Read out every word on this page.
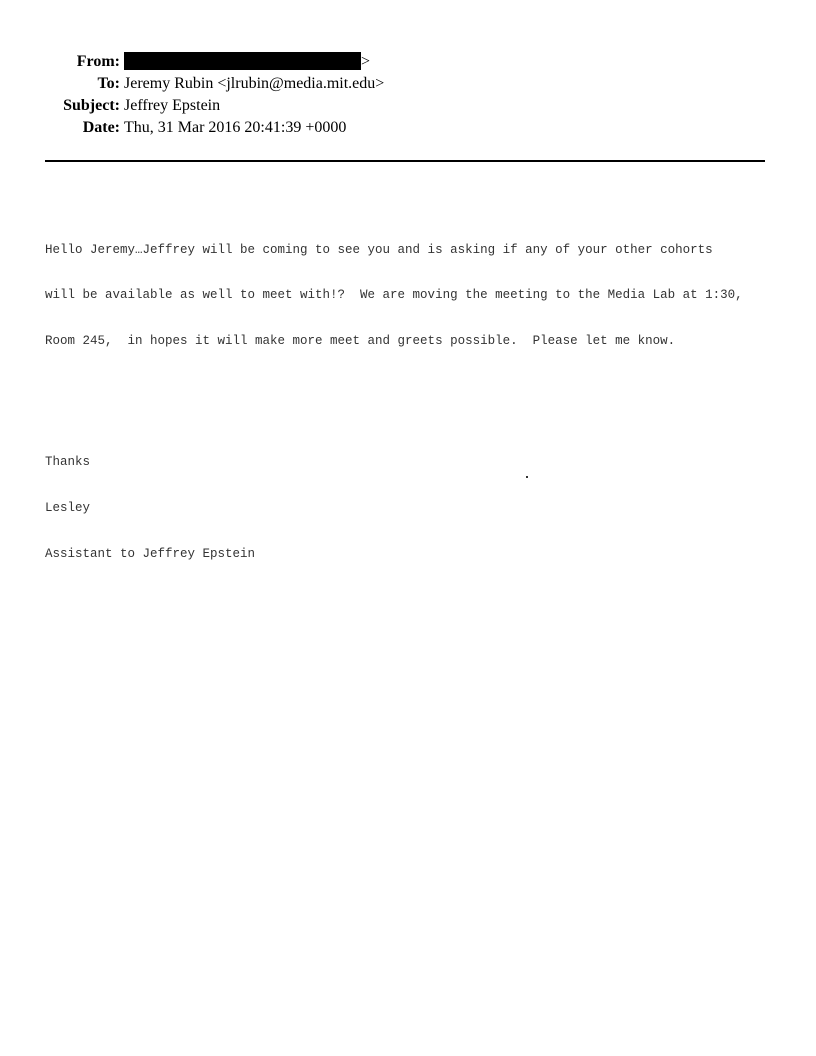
From:	>
To: Jeremy Rubin <jlrubin@media.mit.edu>
Subject: Jeffrey Epstein
Date: Thu, 31 Mar 2016 20:41:39 +0000

Hello Jeremy…Jeffrey will be coming to see you and is asking if any of your other cohorts

will be available as well to meet with!?  We are moving the meeting to the Media Lab at 1:30,

Room 245,  in hopes it will make more meet and greets possible.  Please let me know.

Thanks

Lesley

Assistant to Jeffrey Epstein
